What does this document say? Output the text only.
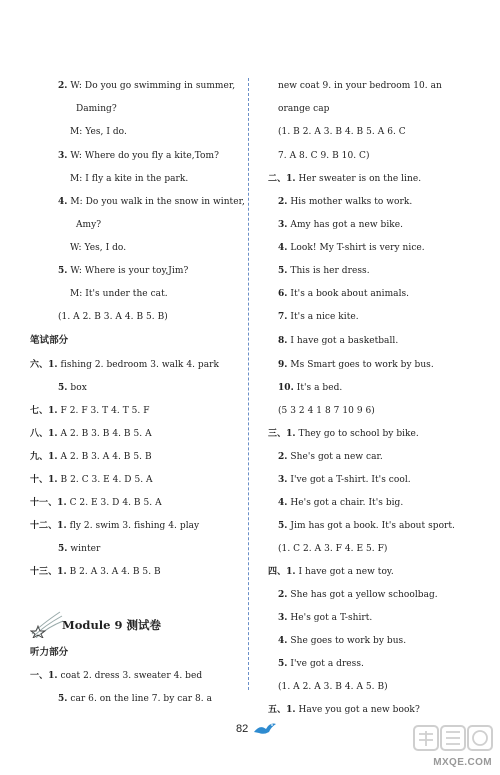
2. W: Do you go swimming in summer,
Daming?
M: Yes, I do.
3. W: Where do you fly a kite,Tom?
M: I fly a kite in the park.
4. M: Do you walk in the snow in winter,
Amy?
W: Yes, I do.
5. W: Where is your toy,Jim?
M: It's under the cat.
(1. A 2. B 3. A 4. B 5. B)
笔试部分
六、1. fishing 2. bedroom 3. walk 4. park
5. box
七、1. F 2. F 3. T 4. T 5. F
八、1. A 2. B 3. B 4. B 5. A
九、1. A 2. B 3. A 4. B 5. B
十、1. B 2. C 3. E 4. D 5. A
十一、1. C 2. E 3. D 4. B 5. A
十二、1. fly 2. swim 3. fishing 4. play
5. winter
十三、1. B 2. A 3. A 4. B 5. B
听力部分
一、1. coat 2. dress 3. sweater 4. bed
5. car 6. on the line 7. by car 8. a
new coat 9. in your bedroom 10. an
orange cap
(1. B 2. A 3. B 4. B 5. A 6. C
7. A 8. C 9. B 10. C)
二、1. Her sweater is on the line.
2. His mother walks to work.
3. Amy has got a new bike.
4. Look! My T-shirt is very nice.
5. This is her dress.
6. It's a book about animals.
7. It's a nice kite.
8. I have got a basketball.
9. Ms Smart goes to work by bus.
10. It's a bed.
(5 3 2 4 1 8 7 10 9 6)
三、1. They go to school by bike.
2. She's got a new car.
3. I've got a T-shirt. It's cool.
4. He's got a chair. It's big.
5. Jim has got a book. It's about sport.
(1. C 2. A 3. F 4. E 5. F)
四、1. I have got a new toy.
2. She has got a yellow schoolbag.
3. He's got a T-shirt.
4. She goes to work by bus.
5. I've got a dress.
(1. A 2. A 3. B 4. A 5. B)
五、1. Have you got a new book?
Module 9 测试卷
82
MXQE.COM
